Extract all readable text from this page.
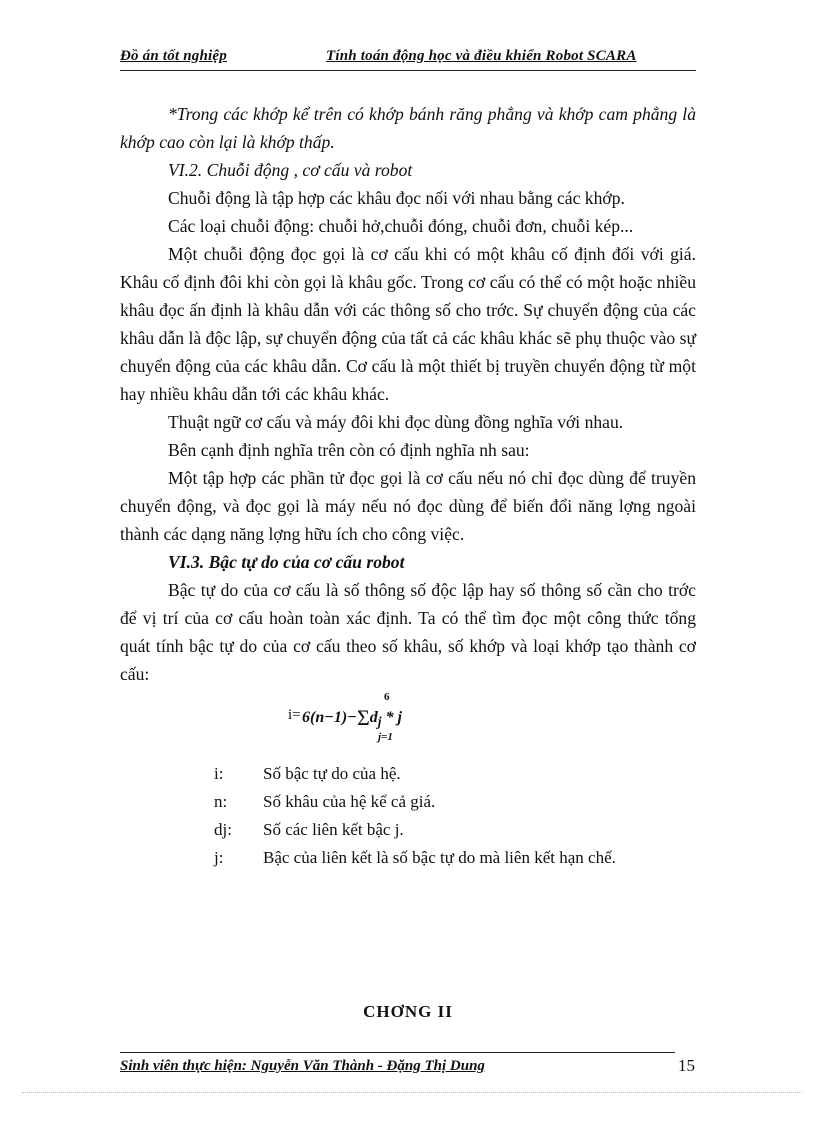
Đồ án tốt nghiệp	Tính toán động học và điều khiển Robot SCARA

*Trong các khớp kể trên có khớp bánh răng phẳng và khớp cam phẳng là khớp cao còn lại là khớp thấp.

VI.2. Chuỗi động , cơ cấu và robot

Chuỗi động là tập hợp các khâu đọc nối với nhau bằng các khớp.

Các loại chuỗi động: chuỗi hở,chuỗi đóng, chuỗi đơn, chuỗi kép...

Một chuỗi động đọc gọi là cơ cấu khi có một khâu cố định đối với giá. Khâu cố định đôi khi còn gọi là khâu gốc. Trong cơ cấu có thể có một hoặc nhiều khâu đọc ấn định là khâu dẫn với các thông số cho trớc. Sự chuyển động của các khâu dẫn là độc lập, sự chuyển động của tất cả các khâu khác sẽ phụ thuộc vào sự chuyển động của các khâu dẫn. Cơ cấu là một thiết bị truyền chuyển động từ một hay nhiều khâu dẫn tới các khâu khác.

Thuật ngữ cơ cấu và máy đôi khi đọc dùng đồng nghĩa với nhau.

Bên cạnh định nghĩa trên còn có định nghĩa nh sau:

Một tập hợp các phần tử đọc gọi là cơ cấu nếu nó chỉ đọc dùng để truyền chuyển động, và đọc gọi là máy nếu nó đọc dùng để biến đổi năng lợng ngoài thành các dạng năng lợng hữu ích cho công việc.

VI.3. Bậc tự do của cơ cấu robot

Bậc tự do của cơ cấu là số thông số độc lập hay số thông số cần cho trớc để vị trí của cơ cấu hoàn toàn xác định. Ta có thể tìm đọc một công thức tổng quát tính bậc tự do của cơ cấu theo số khâu, số khớp và loại khớp tạo thành cơ cấu:

$i= 6(n-1)-\Sigma d_j * j$
6
j=1
i: Số bậc tự do của hệ.
n: Số khâu của hệ kể cả giá.
dj: Số các liên kết bậc j.
j: Bậc của liên kết là số bậc tự do mà liên kết hạn chế.
CHƠNG II
Sinh viên thực hiện: Nguyễn Văn Thành - Đặng Thị Dung	15
